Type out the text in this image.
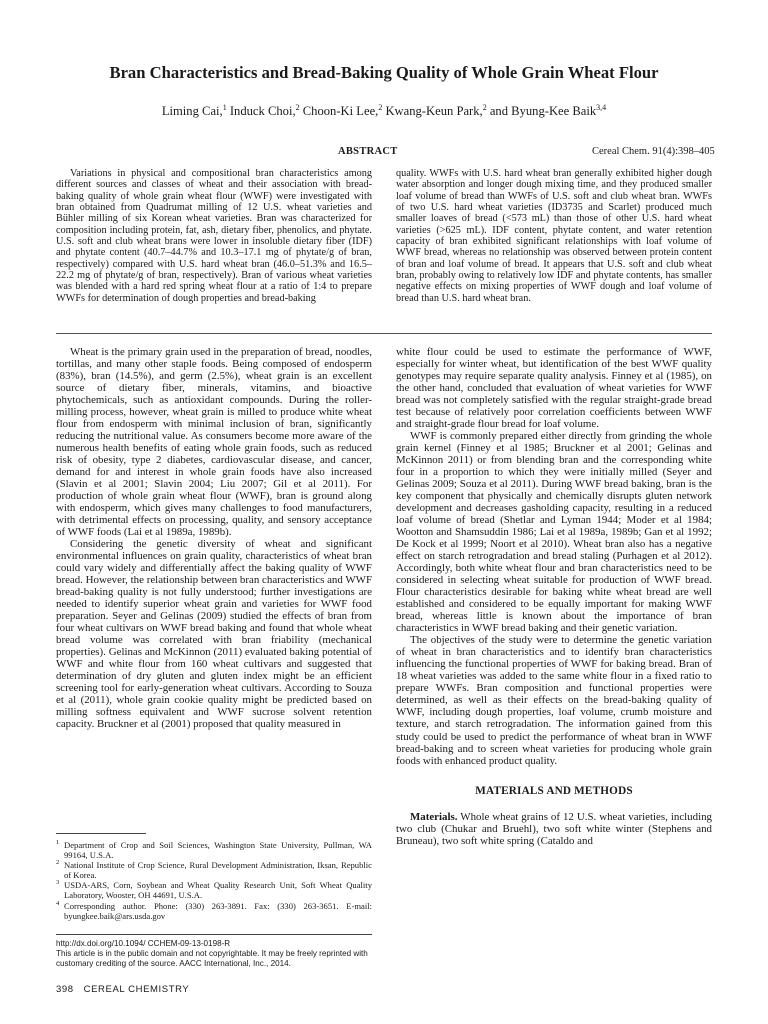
Bran Characteristics and Bread-Baking Quality of Whole Grain Wheat Flour
Liming Cai,$^1$ Induck Choi,$^2$ Choon-Ki Lee,$^2$ Kwang-Keun Park,$^2$ and Byung-Kee Baik$^{3,4}$
ABSTRACT	Cereal Chem. 91(4):398–405

Variations in physical and compositional bran characteristics among different sources and classes of wheat and their association with bread-baking quality of whole grain wheat flour (WWF) were investigated with bran obtained from Quadrumat milling of 12 U.S. wheat varieties and Bühler milling of six Korean wheat varieties. Bran was characterized for composition including protein, fat, ash, dietary fiber, phenolics, and phytate. U.S. soft and club wheat brans were lower in insoluble dietary fiber (IDF) and phytate content (40.7–44.7% and 10.3–17.1 mg of phytate/g of bran, respectively) compared with U.S. hard wheat bran (46.0–51.3% and 16.5–22.2 mg of phytate/g of bran, respectively). Bran of various wheat varieties was blended with a hard red spring wheat flour at a ratio of 1:4 to prepare WWFs for determination of dough properties and bread-baking

quality. WWFs with U.S. hard wheat bran generally exhibited higher dough water absorption and longer dough mixing time, and they produced smaller loaf volume of bread than WWFs of U.S. soft and club wheat bran. WWFs of two U.S. hard wheat varieties (ID3735 and Scarlet) produced much smaller loaves of bread (<573 mL) than those of other U.S. hard wheat varieties (>625 mL). IDF content, phytate content, and water retention capacity of bran exhibited significant relationships with loaf volume of WWF bread, whereas no relationship was observed between protein content of bran and loaf volume of bread. It appears that U.S. soft and club wheat bran, probably owing to relatively low IDF and phytate contents, has smaller negative effects on mixing properties of WWF dough and loaf volume of bread than U.S. hard wheat bran.

Wheat is the primary grain used in the preparation of bread, noodles, tortillas, and many other staple foods. Being composed of endosperm (83%), bran (14.5%), and germ (2.5%), wheat grain is an excellent source of dietary fiber, minerals, vitamins, and bioactive phytochemicals, such as antioxidant compounds. During the roller-milling process, however, wheat grain is milled to produce white wheat flour from endosperm with minimal inclusion of bran, significantly reducing the nutritional value. As consumers become more aware of the numerous health benefits of eating whole grain foods, such as reduced risk of obesity, type 2 diabetes, cardiovascular disease, and cancer, demand for and interest in whole grain foods have also increased (Slavin et al 2001; Slavin 2004; Liu 2007; Gil et al 2011). For production of whole grain wheat flour (WWF), bran is ground along with endosperm, which gives many challenges to food manufacturers, with detrimental effects on processing, quality, and sensory acceptance of WWF foods (Lai et al 1989a, 1989b).

Considering the genetic diversity of wheat and significant environmental influences on grain quality, characteristics of wheat bran could vary widely and differentially affect the baking quality of WWF bread. However, the relationship between bran characteristics and WWF bread-baking quality is not fully understood; further investigations are needed to identify superior wheat grain and varieties for WWF food preparation. Seyer and Gelinas (2009) studied the effects of bran from four wheat cultivars on WWF bread baking and found that whole wheat bread volume was correlated with bran friability (mechanical properties). Gelinas and McKinnon (2011) evaluated baking potential of WWF and white flour from 160 wheat cultivars and suggested that determination of dry gluten and gluten index might be an efficient screening tool for early-generation wheat cultivars. According to Souza et al (2011), whole grain cookie quality might be predicted based on milling softness equivalent and WWF sucrose solvent retention capacity. Bruckner et al (2001) proposed that quality measured in

1 Department of Crop and Soil Sciences, Washington State University, Pullman, WA 99164, U.S.A.
2 National Institute of Crop Science, Rural Development Administration, Iksan, Republic of Korea.
3 USDA-ARS, Corn, Soybean and Wheat Quality Research Unit, Soft Wheat Quality Laboratory, Wooster, OH 44691, U.S.A.
4 Corresponding author. Phone: (330) 263-3891. Fax: (330) 263-3651. E-mail: byungkee.baik@ars.usda.gov
http://dx.doi.org/10.1094/ CCHEM-09-13-0198-R
This article is in the public domain and not copyrightable. It may be freely reprinted with customary crediting of the source. AACC International, Inc., 2014.
398 CEREAL CHEMISTRY

white flour could be used to estimate the performance of WWF, especially for winter wheat, but identification of the best WWF quality genotypes may require separate quality analysis. Finney et al (1985), on the other hand, concluded that evaluation of wheat varieties for WWF bread was not completely satisfied with the regular straight-grade bread test because of relatively poor correlation coefficients between WWF and straight-grade flour bread for loaf volume.

WWF is commonly prepared either directly from grinding the whole grain kernel (Finney et al 1985; Bruckner et al 2001; Gelinas and McKinnon 2011) or from blending bran and the corresponding white four in a proportion to which they were initially milled (Seyer and Gelinas 2009; Souza et al 2011). During WWF bread baking, bran is the key component that physically and chemically disrupts gluten network development and decreases gasholding capacity, resulting in a reduced loaf volume of bread (Shetlar and Lyman 1944; Moder et al 1984; Wootton and Shamsuddin 1986; Lai et al 1989a, 1989b; Gan et al 1992; De Kock et al 1999; Noort et al 2010). Wheat bran also has a negative effect on starch retrogradation and bread staling (Purhagen et al 2012). Accordingly, both white wheat flour and bran characteristics need to be considered in selecting wheat suitable for production of WWF bread. Flour characteristics desirable for baking white wheat bread are well established and considered to be equally important for making WWF bread, whereas little is known about the importance of bran characteristics in WWF bread baking and their genetic variation.

The objectives of the study were to determine the genetic variation of wheat in bran characteristics and to identify bran characteristics influencing the functional properties of WWF for baking bread. Bran of 18 wheat varieties was added to the same white flour in a fixed ratio to prepare WWFs. Bran composition and functional properties were determined, as well as their effects on the bread-baking quality of WWF, including dough properties, loaf volume, crumb moisture and texture, and starch retrogradation. The information gained from this study could be used to predict the performance of wheat bran in WWF bread-baking and to screen wheat varieties for producing whole grain foods with enhanced product quality.

MATERIALS AND METHODS

Materials. Whole wheat grains of 12 U.S. wheat varieties, including two club (Chukar and Bruehl), two soft white winter (Stephens and Bruneau), two soft white spring (Cataldo and
